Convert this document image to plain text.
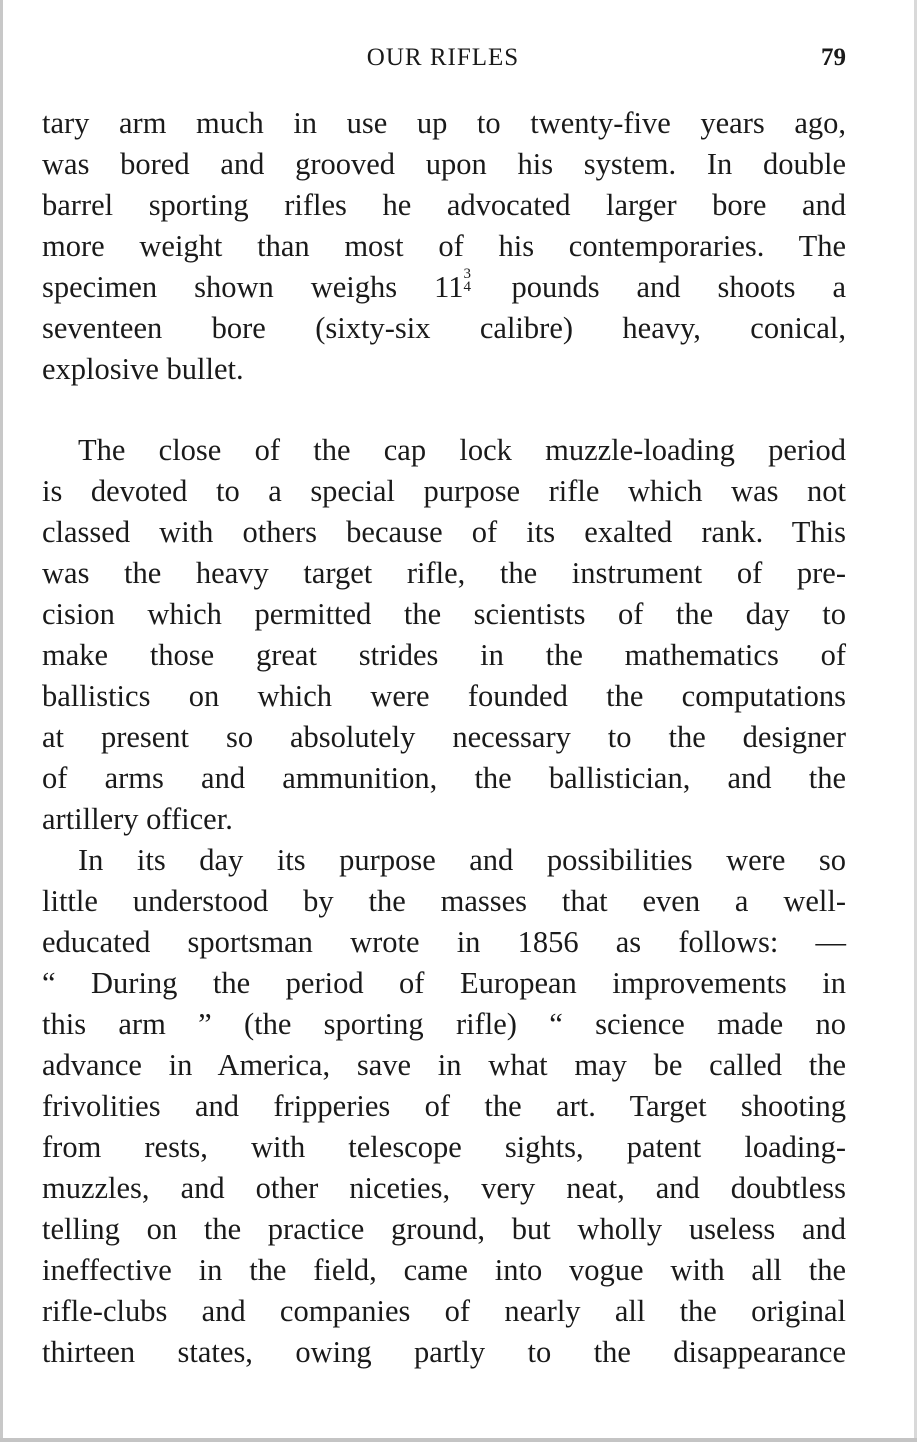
OUR RIFLES	79
tary arm much in use up to twenty-five years ago,
was bored and grooved upon his system. In double
barrel sporting rifles he advocated larger bore and
more weight than most of his contemporaries. The
specimen shown weighs 11 3
4 pounds and shoots a
seventeen bore (sixty-six calibre) heavy, conical,
explosive bullet.
The close of the cap lock muzzle-loading period
is devoted to a special purpose rifle which was not
classed with others because of its exalted rank. This
was the heavy target rifle, the instrument of pre-
cision which permitted the scientists of the day to
make those great strides in the mathematics of
ballistics on which were founded the computations
at present so absolutely necessary to the designer
of arms and ammunition, the ballistician, and the
artillery officer.
In its day its purpose and possibilities were so
little understood by the masses that even a well-
educated sportsman wrote in 1856 as follows: —
“ During the period of European improvements in
this arm ” (the sporting rifle) “ science made no
advance in America, save in what may be called the
frivolities and fripperies of the art. Target shooting
from rests, with telescope sights, patent loading-
muzzles, and other niceties, very neat, and doubtless
telling on the practice ground, but wholly useless and
ineffective in the field, came into vogue with all the
rifle-clubs and companies of nearly all the original
thirteen states, owing partly to the disappearance
